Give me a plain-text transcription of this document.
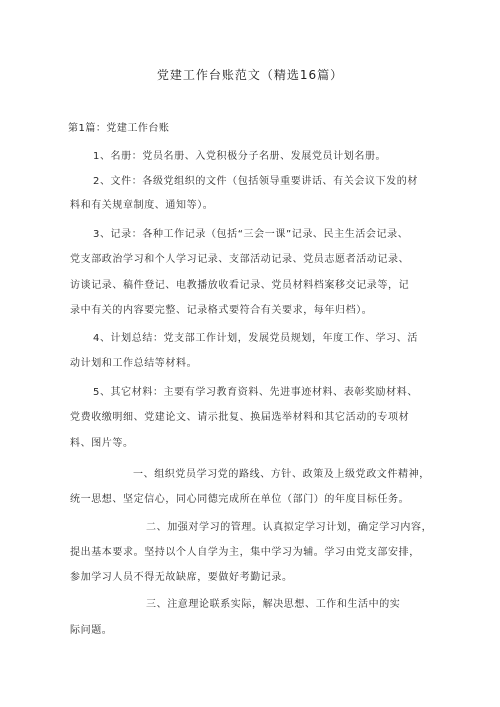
党建工作台账范文（精选16篇）
第1篇：党建工作台账
1、名册：党员名册、入党积极分子名册、发展党员计划名册。
2、文件：各级党组织的文件（包括领导重要讲话、有关会议下发的材
料和有关规章制度、通知等）。
3、记录：各种工作记录（包括“三会一课”记录、民主生活会记录、
党支部政治学习和个人学习记录、支部活动记录、党员志愿者活动记录、
访谈记录、稿件登记、电教播放收看记录、党员材料档案移交记录等，记
录中有关的内容要完整、记录格式要符合有关要求，每年归档）。
4、计划总结：党支部工作计划，发展党员规划，年度工作、学习、活
动计划和工作总结等材料。
5、其它材料：主要有学习教育资料、先进事迹材料、表彰奖励材料、
党费收缴明细、党建论文、请示批复、换届选举材料和其它活动的专项材
料、图片等。
一、组织党员学习党的路线、方针、政策及上级党政文件精神，
统一思想、坚定信心，同心同德完成所在单位（部门）的年度目标任务。
二、加强对学习的管理。认真拟定学习计划，确定学习内容，
提出基本要求。坚持以个人自学为主，集中学习为辅。学习由党支部安排，
参加学习人员不得无故缺席，要做好考勤记录。
三、注意理论联系实际，解决思想、工作和生活中的实
际问题。
